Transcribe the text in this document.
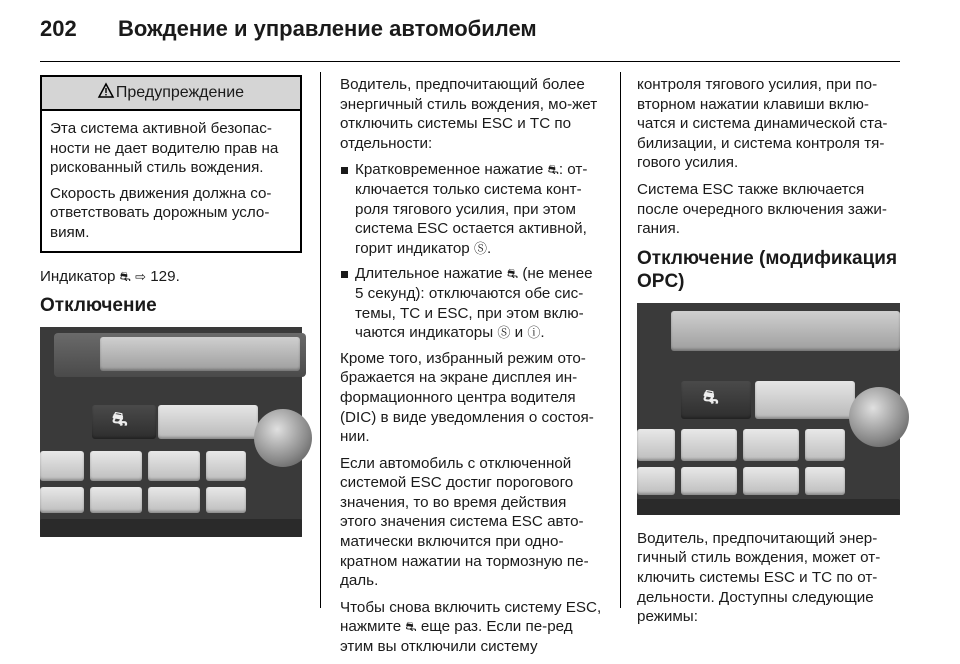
202	Вождение и управление автомобилем
Предупреждение

Эта система активной безопас-ности не дает водителю прав на рискованный стиль вождения.

Скорость движения должна со-ответствовать дорожным усло-виям.

Индикатор ⛐ ⇨ 129.

Отключение
⛐

Водитель, предпочитающий более энергичный стиль вождения, мо-жет отключить системы ESC и TC по отдельности:

Кратковременное нажатие ⛐: от-ключается только система конт-роля тягового усилия, при этом система ESC остается активной, горит индикатор Ⓢ.
Длительное нажатие ⛐ (не менее 5 секунд): отключаются обе сис-темы, TC и ESC, при этом вклю-чаются индикаторы Ⓢ и ⓘ.

Кроме того, избранный режим ото-бражается на экране дисплея ин-формационного центра водителя (DIC) в виде уведомления о состоя-нии.

Если автомобиль с отключенной системой ESC достиг порогового значения, то во время действия этого значения система ESC авто-матически включится при одно-кратном нажатии на тормозную пе-даль.

Чтобы снова включить систему ESC, нажмите ⛐ еще раз. Если пе-ред этим вы отключили систему

контроля тягового усилия, при по-вторном нажатии клавиши вклю-чатся и система динамической ста-билизации, и система контроля тя-гового усилия.

Система ESC также включается после очередного включения зажи-гания.

Отключение (модификация OPC)
⛐

Водитель, предпочитающий энер-гичный стиль вождения, может от-ключить системы ESC и TC по от-дельности. Доступны следующие режимы:
